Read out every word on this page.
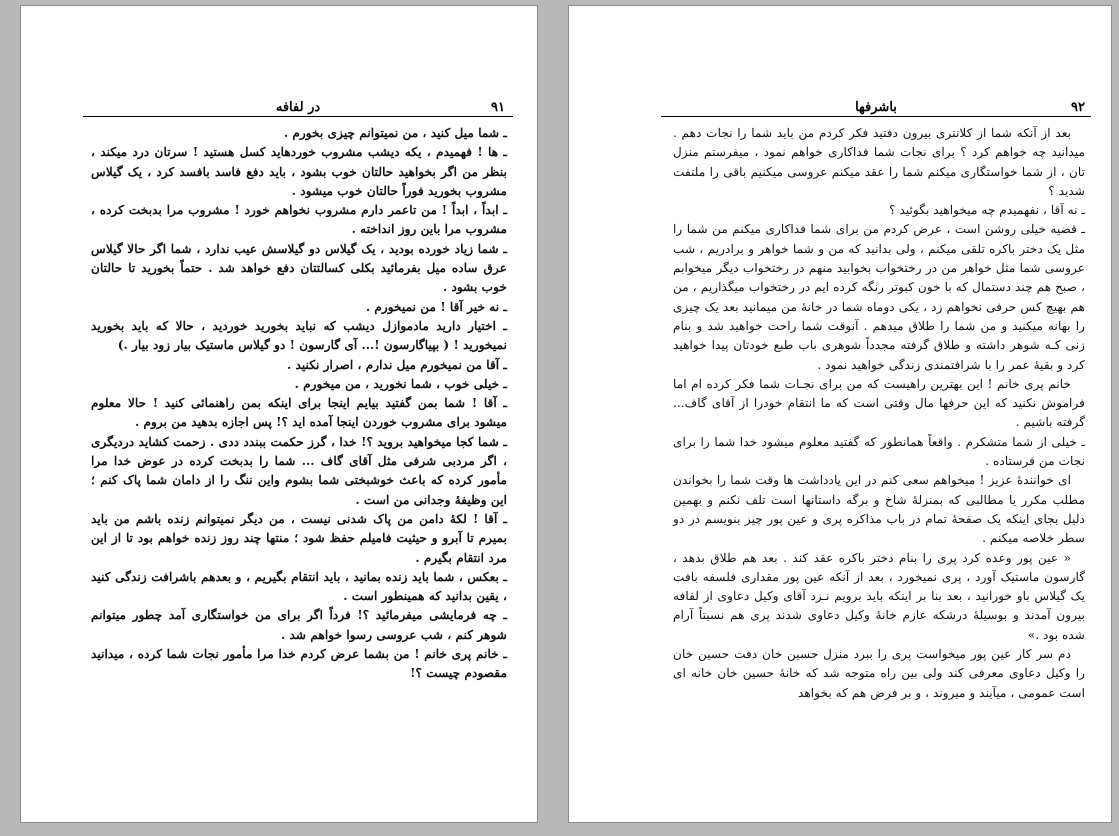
در لفافه	۹۱

ـ شما میل کنید ، من نمیتوانم چیزی بخورم .

ـ ها ! فهمیدم ، یکه دیشب مشروب خوردهاید کسل هستید ! سرتان درد میکند ، بنظر من اگر بخواهید حالتان خوب بشود ، باید دفع فاسد بافسد کرد ، یک گیلاس مشروب بخورید فوراً حالتان خوب میشود .

ـ ابداً ، ابداً ! من تاعمر دارم مشروب نخواهم خورد ! مشروب مرا بدبخت کرده ، مشروب مرا باین روز انداخته .

ـ شما زیاد خورده بودید ، یک گیلاس دو گیلاسش عیب ندارد ، شما اگر حالا گیلاس عرق ساده میل بفرمائید بکلی کسالتتان دفع خواهد شد . حتماً بخورید تا حالتان خوب بشود .

ـ نه خیر آقا ! من نمیخورم .

ـ اختیار دارید مادموازل دیشب که نباید بخورید خوردید ، حالا که باید بخورید نمیخورید ! ( بپیاگارسون !... آی گارسون ! دو گیلاس ماستیک بیار زود بیار .)

ـ آقا من نمیخورم میل ندارم ، اصرار نکنید .

ـ خیلی خوب ، شما نخورید ، من میخورم .

ـ آقا ! شما بمن گفتید بیایم اینجا برای اینکه بمن راهنمائی کنید ! حالا معلوم میشود برای مشروب خوردن اینجا آمده اید ؟! پس اجازه بدهید من بروم .

ـ شما کجا میخواهید بروید ؟! خدا ، گرز حکمت ببندد ددی . زحمت کشاید دردیگری ، اگر مردبی شرفی مثل آقای گاف ... شما را بدبخت کرده در عوض خدا مرا مأمور کرده که باعث خوشبختی شما بشوم واین ننگ را از دامان شما پاک کنم ؛ این وظیفهٔ وجدانی من است .

ـ آقا ! لکهٔ دامن من پاک شدنی نیست ، من دیگر نمیتوانم زنده باشم من باید بمیرم تا آبرو و حیثیت فامیلم حفظ شود ؛ منتها چند روز زنده خواهم بود تا از این مرد انتقام بگیرم .

ـ بعکس ، شما باید زنده بمانید ، باید انتقام بگیریم ، و بعدهم باشرافت زندگی کنید ، یقین بدانید که همینطور است .

ـ چه فرمایشی میفرمائید ؟! فرداً اگر برای من خواستگاری آمد چطور میتوانم شوهر کنم ، شب عروسی رسوا خواهم شد .

ـ خانم پری خانم ! من بشما عرض کردم خدا مرا مأمور نجات شما کرده ، میدانید مقصودم چیست ؟!

باشرفها	۹۲

بعد از آنکه شما از کلانتری بیرون دفتید فکر کردم من باید شما را نجات دهم . میدانید چه خواهم کرد ؟ برای نجات شما فداکاری خواهم نمود ، میفرستم منزل تان ، از شما خواستگاری میکنم شما را عقد میکنم عروسی میکنیم باقی را ملتفت شدید ؟

ـ نه آقا ، نفهمیدم چه میخواهید بگوئید ؟

ـ قضیه خیلی روشن است ، عرض کردم من برای شما فداکاری میکنم من شما را مثل یک دختر باکره تلقی میکنم ، ولی بدانید که من و شما خواهر و برادریم ، شب عروسی شما مثل خواهر من در رختخواب بخوابید منهم در رختخواب دیگر میخوابم ، صبح هم چند دستمال که با خون کبوتر رنگه کرده ایم در رختخواب میگذاریم ، من هم بهیچ کس حرفی نخواهم زد ، یکی دوماه شما در خانهٔ من میمانید بعد یک چیزی را بهانه میکنید و من شما را طلاق میدهم . آنوقت شما راحت خواهید شد و بنام زنی کـه شوهر داشته و طلاق گرفته مجدداً شوهری باب طبع خودتان پیدا خواهید کرد و بقیهٔ عمر را با شرافتمندی زندگی خواهید نمود .

خانم پری خانم ! این بهترین راهیست که من برای نجـات شما فکر کرده ام اما فراموش نکنید که این حرفها مال وقتی است که ما انتقام خودرا از آقای گاف... گرفته باشیم .

ـ خیلی از شما متشکرم . واقعاً همانطور که گفتید معلوم میشود خدا شما را برای نجات من فرستاده .

ای خوانندهٔ عزیز ! میخواهم سعی کنم در این یادداشت ها وقت شما را بخواندن مطلب مکرر یا مطالبی که بمنزلهٔ شاخ و برگه داستانها است تلف نکنم و بهمین دلیل بجای اینکه یک صفحهٔ تمام در باب مذاکره پری و عین پور چیز بنویسم در دو سطر خلاصه میکنم .

« عین پور وعده کرد پری را بنام دختر باکره عقد کند . بعد هم طلاق بدهد ، گارسون ماستیک آورد ، پری نمیخورد ، بعد از آنکه عین پور مقداری فلسفه بافت یک گیلاس باو خورانید ، بعد بنا بر اینکه باید برویم نـزد آقای وکیل دعاوی از لفافه بیرون آمدند و بوسیلهٔ درشکه عازم خانهٔ وکیل دعاوی شدند پری هم نسبتاً آرام شده بود .»

دم سر کار عین پور میخواست پری را ببرد منزل حسین خان دفت حسین خان را وکیل دعاوی معرفی کند ولی بین راه متوجه شد که خانهٔ حسین خان خانه ای است عمومی ، میآیند و میروند ، و بر فرض هم که بخواهد
